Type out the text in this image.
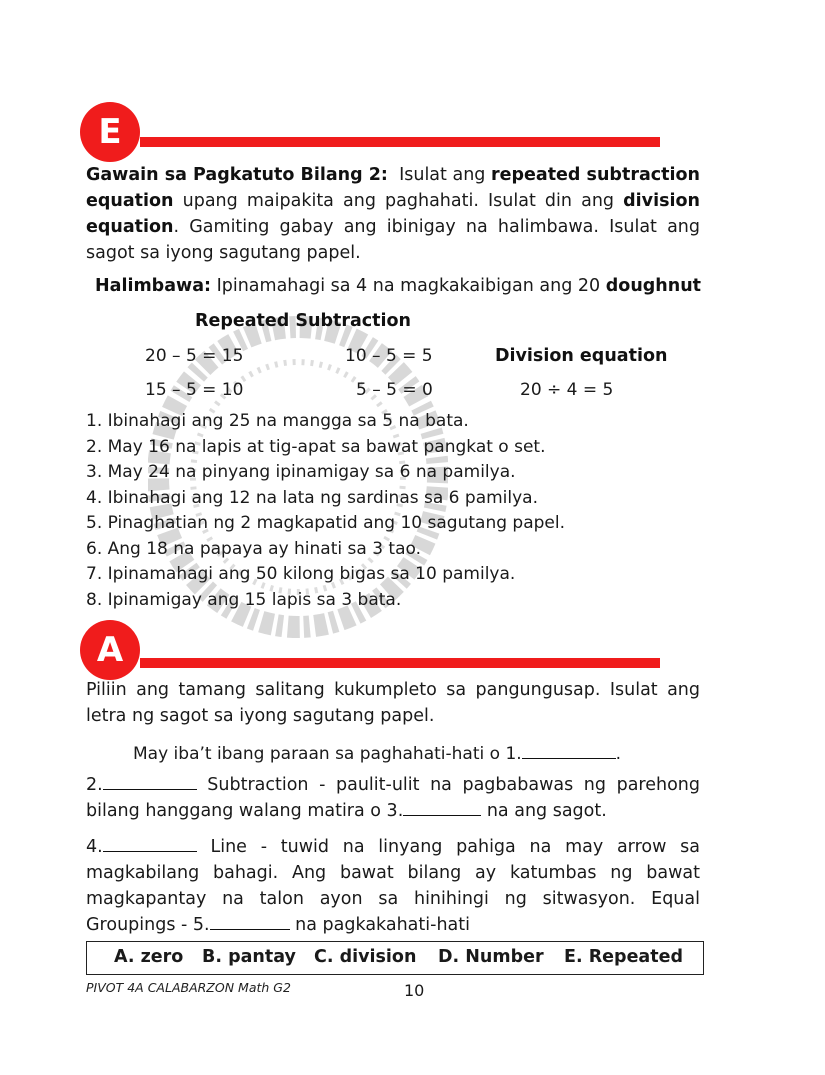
E
Gawain sa Pagkatuto Bilang 2: Isulat ang repeated subtraction equation upang maipakita ang paghahati. Isulat din ang division equation. Gamiting gabay ang ibinigay na halimbawa. Isulat ang sagot sa iyong sagutang papel.
Halimbawa: Ipinamahagi sa 4 na magkakaibigan ang 20 doughnut
Repeated Subtraction
20 – 5 = 15	10 – 5 = 5	Division equation
15 – 5 = 10	5 – 5 = 0	20 ÷ 4 = 5
1. Ibinahagi ang 25 na mangga sa 5 na bata.
2. May 16 na lapis at tig-apat sa bawat pangkat o set.
3. May 24 na pinyang ipinamigay sa 6 na pamilya.
4. Ibinahagi ang 12 na lata ng sardinas sa 6 pamilya.
5. Pinaghatian ng 2 magkapatid ang 10 sagutang papel.
6. Ang 18 na papaya ay hinati sa 3 tao.
7. Ipinamahagi ang 50 kilong bigas sa 10 pamilya.
8. Ipinamigay ang 15 lapis sa 3 bata.
A
Piliin ang tamang salitang kukumpleto sa pangungusap. Isulat ang letra ng sagot sa iyong sagutang papel.
May iba’t ibang paraan sa paghahati-hati o 1.	.
2.	Subtraction - paulit-ulit na pagbabawas ng parehong bilang hanggang walang matira o 3.	na ang sagot.
4.	Line - tuwid na linyang pahiga na may arrow sa magkabilang bahagi. Ang bawat bilang ay katumbas ng bawat magkapantay na talon ayon sa hinihingi ng sitwasyon. Equal Groupings - 5.	na pagkakahati-hati
A. zero B. pantay C. division D. Number E. Repeated
PIVOT 4A CALABARZON Math G2	10
